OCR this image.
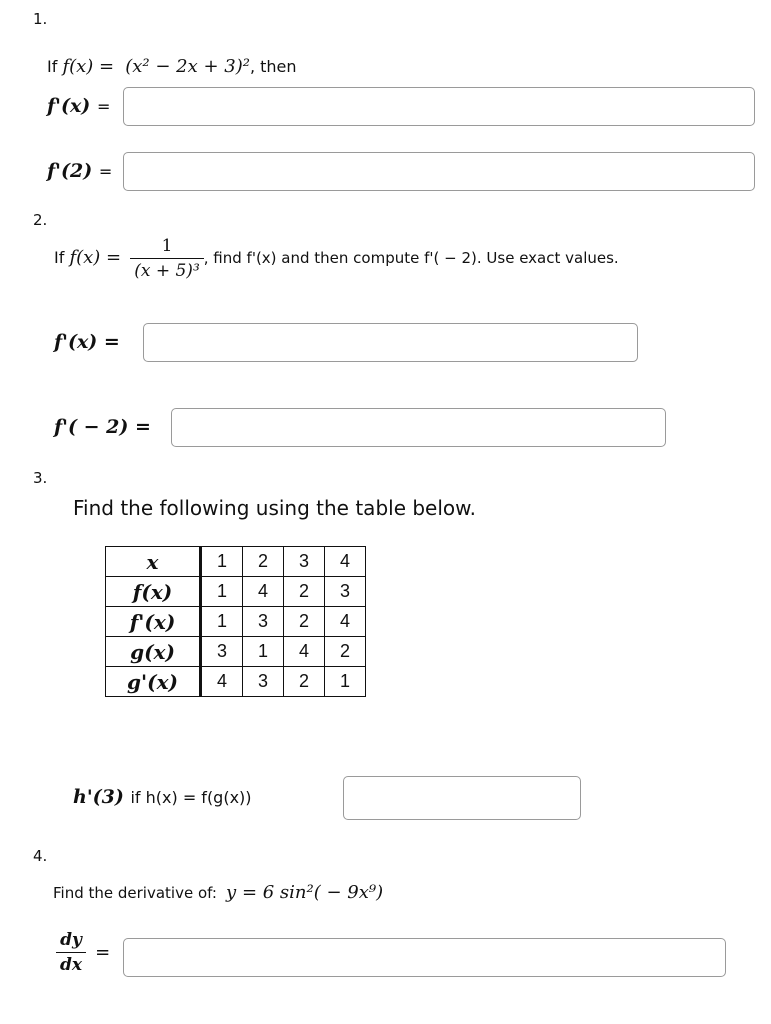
1.
If f(x) = (x² − 2x + 3)², then
f'(x) =
f'(2) =
2.
If $f(x) = \frac{1}{\text{(x + 5)³}}$ , find f'(x) and then compute f'( − 2). Use exact values.
f'(x) =
f'( − 2) =
3.
Find the following using the table below.
x	1	2	3	4
f(x)	1	4	2	3
f'(x)	1	3	2	4
g(x)	3	1	4	2
g'(x)	4	3	2	1
h'(3) if h(x) = f(g(x))
4.
Find the derivative of: y = 6 sin²( − 9x⁹)
$\frac{dy}{dx}$ =
